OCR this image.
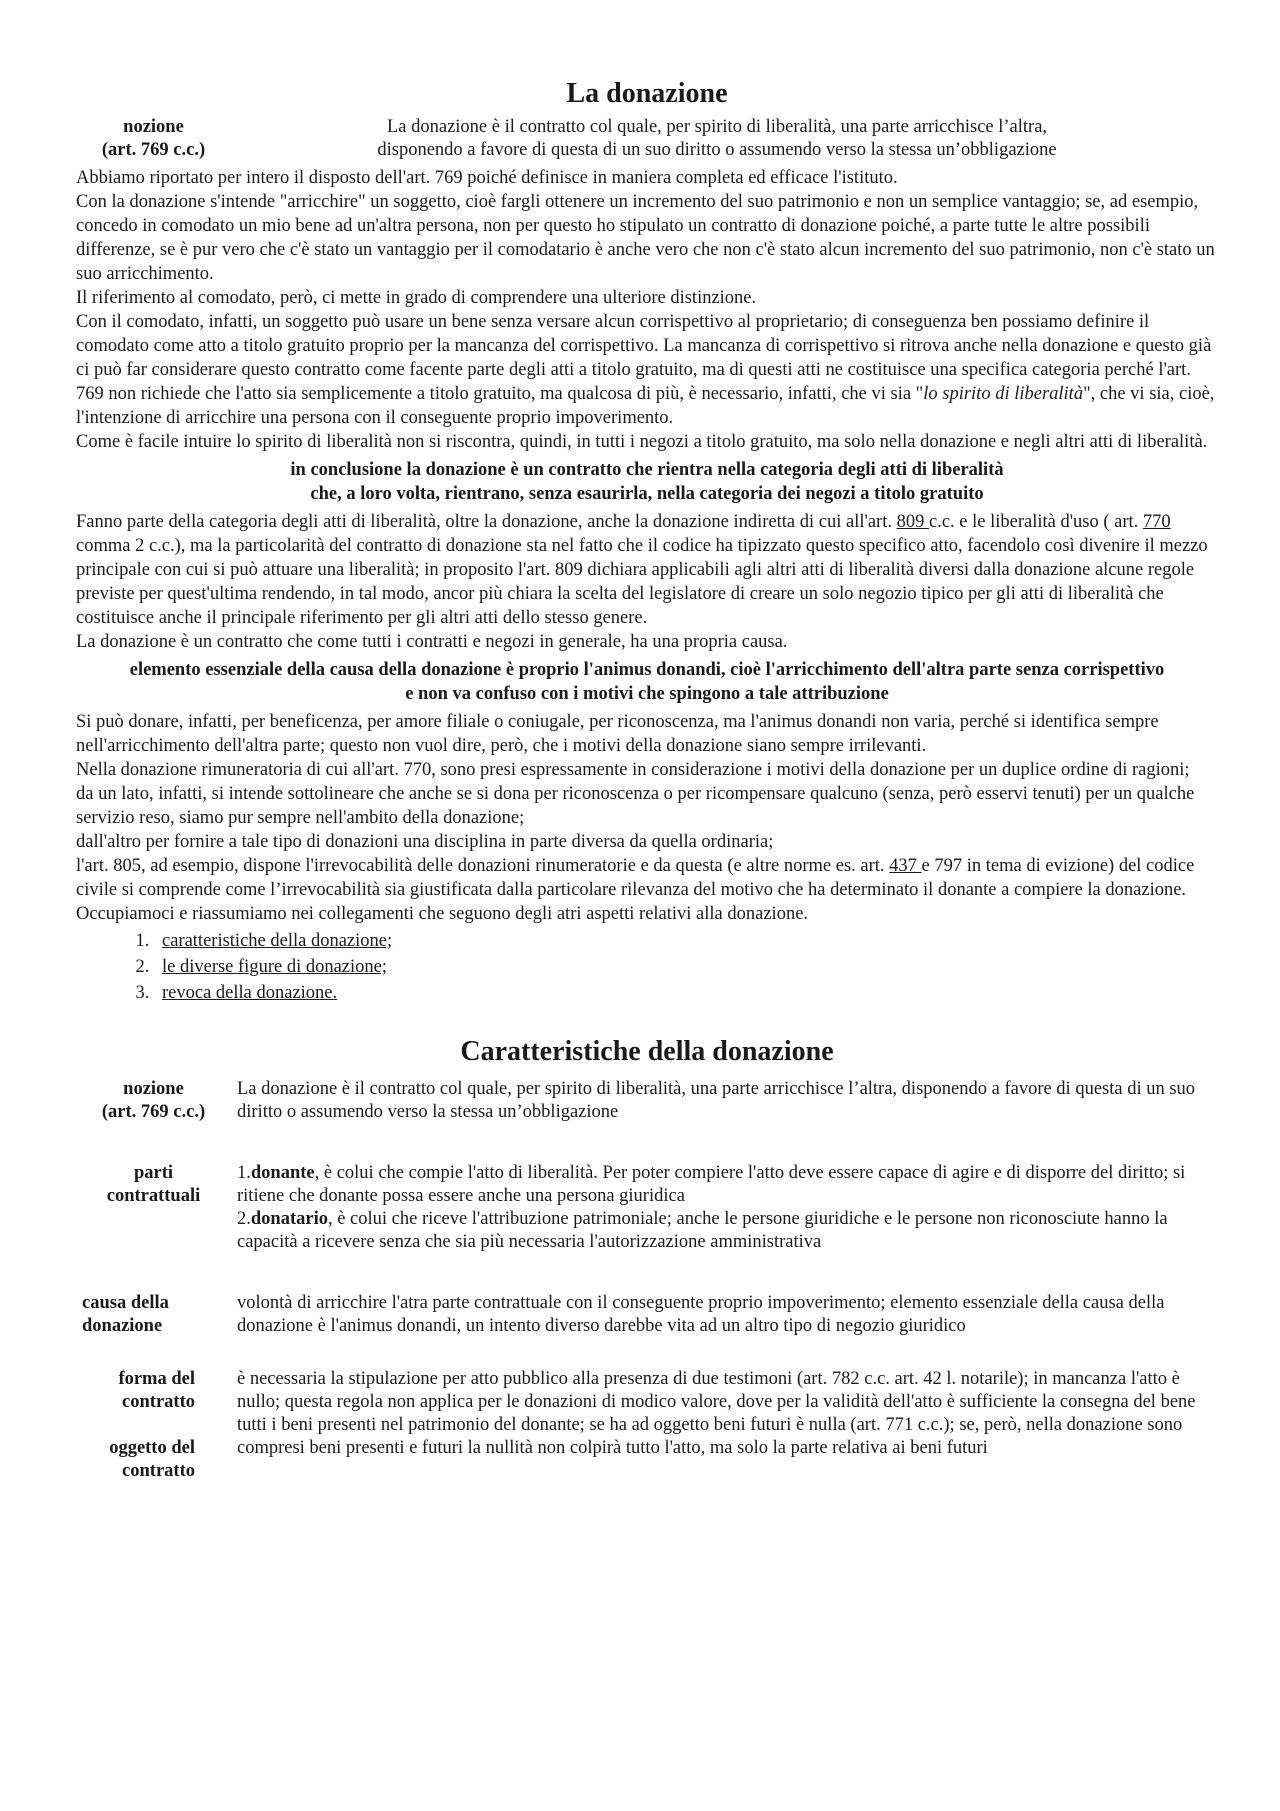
La donazione
nozione
(art. 769 c.c.)
La donazione è il contratto col quale, per spirito di liberalità, una parte arricchisce l’altra,
disponendo a favore di questa di un suo diritto o assumendo verso la stessa un’obbligazione

Abbiamo riportato per intero il disposto dell'art. 769 poiché definisce in maniera completa ed efficace l'istituto.

Con la donazione s'intende "arricchire" un soggetto, cioè fargli ottenere un incremento del suo patrimonio e non un semplice vantaggio; se, ad esempio, concedo in comodato un mio bene ad un'altra persona, non per questo ho stipulato un contratto di donazione poiché, a parte tutte le altre possibili differenze, se è pur vero che c'è stato un vantaggio per il comodatario è anche vero che non c'è stato alcun incremento del suo patrimonio, non c'è stato un suo arricchimento.

Il riferimento al comodato, però, ci mette in grado di comprendere una ulteriore distinzione.

Con il comodato, infatti, un soggetto può usare un bene senza versare alcun corrispettivo al proprietario; di conseguenza ben possiamo definire il comodato come atto a titolo gratuito proprio per la mancanza del corrispettivo. La mancanza di corrispettivo si ritrova anche nella donazione e questo già ci può far considerare questo contratto come facente parte degli atti a titolo gratuito, ma di questi atti ne costituisce una specifica categoria perché l'art. 769 non richiede che l'atto sia semplicemente a titolo gratuito, ma qualcosa di più, è necessario, infatti, che vi sia "lo spirito di liberalità", che vi sia, cioè, l'intenzione di arricchire una persona con il conseguente proprio impoverimento.

Come è facile intuire lo spirito di liberalità non si riscontra, quindi, in tutti i negozi a titolo gratuito, ma solo nella donazione e negli altri atti di liberalità.

in conclusione la donazione è un contratto che rientra nella categoria degli atti di liberalità
che, a loro volta, rientrano, senza esaurirla, nella categoria dei negozi a titolo gratuito

Fanno parte della categoria degli atti di liberalità, oltre la donazione, anche la donazione indiretta di cui all'art. 809 c.c. e le liberalità d'uso ( art. 770 comma 2 c.c.), ma la particolarità del contratto di donazione sta nel fatto che il codice ha tipizzato questo specifico atto, facendolo così divenire il mezzo principale con cui si può attuare una liberalità; in proposito l'art. 809 dichiara applicabili agli altri atti di liberalità diversi dalla donazione alcune regole previste per quest'ultima rendendo, in tal modo, ancor più chiara la scelta del legislatore di creare un solo negozio tipico per gli atti di liberalità che costituisce anche il principale riferimento per gli altri atti dello stesso genere.

La donazione è un contratto che come tutti i contratti e negozi in generale, ha una propria causa.

elemento essenziale della causa della donazione è proprio l'animus donandi, cioè l'arricchimento dell'altra parte senza corrispettivo
e non va confuso con i motivi che spingono a tale attribuzione

Si può donare, infatti, per beneficenza, per amore filiale o coniugale, per riconoscenza, ma l'animus donandi non varia, perché si identifica sempre nell'arricchimento dell'altra parte; questo non vuol dire, però, che i motivi della donazione siano sempre irrilevanti.

Nella donazione rimuneratoria di cui all'art. 770, sono presi espressamente in considerazione i motivi della donazione per un duplice ordine di ragioni;

da un lato, infatti, si intende sottolineare che anche se si dona per riconoscenza o per ricompensare qualcuno (senza, però esservi tenuti) per un qualche servizio reso, siamo pur sempre nell'ambito della donazione;

dall'altro per fornire a tale tipo di donazioni una disciplina in parte diversa da quella ordinaria;

l'art. 805, ad esempio, dispone l'irrevocabilità delle donazioni rinumeratorie e da questa (e altre norme es. art. 437 e 797 in tema di evizione) del codice civile si comprende come l’irrevocabilità sia giustificata dalla particolare rilevanza del motivo che ha determinato il donante a compiere la donazione.

Occupiamoci e riassumiamo nei collegamenti che seguono degli atri aspetti relativi alla donazione.

1. caratteristiche della donazione;
2. le diverse figure di donazione;
3. revoca della donazione.
Caratteristiche della donazione
nozione
(art. 769 c.c.)
La donazione è il contratto col quale, per spirito di liberalità, una parte arricchisce l’altra, disponendo a favore di questa di un suo diritto o assumendo verso la stessa un’obbligazione
parti
contrattuali
1.donante, è colui che compie l'atto di liberalità. Per poter compiere l'atto deve essere capace di agire e di disporre del diritto; si ritiene che donante possa essere anche una persona giuridica
2.donatario, è colui che riceve l'attribuzione patrimoniale; anche le persone giuridiche e le persone non riconosciute hanno la capacità a ricevere senza che sia più necessaria l'autorizzazione amministrativa
causa della
donazione
volontà di arricchire l'atra parte contrattuale con il conseguente proprio impoverimento; elemento essenziale della causa della donazione è l'animus donandi, un intento diverso darebbe vita ad un altro tipo di negozio giuridico
forma del
contratto
è necessaria la stipulazione per atto pubblico alla presenza di due testimoni (art. 782 c.c. art. 42 l. notarile); in mancanza l'atto è nullo; questa regola non applica per le donazioni di modico valore, dove per la validità dell'atto è sufficiente la consegna del bene
oggetto del
contratto
tutti i beni presenti nel patrimonio del donante; se ha ad oggetto beni futuri è nulla (art. 771 c.c.); se, però, nella donazione sono compresi beni presenti e futuri la nullità non colpirà tutto l'atto, ma solo la parte relativa ai beni futuri
